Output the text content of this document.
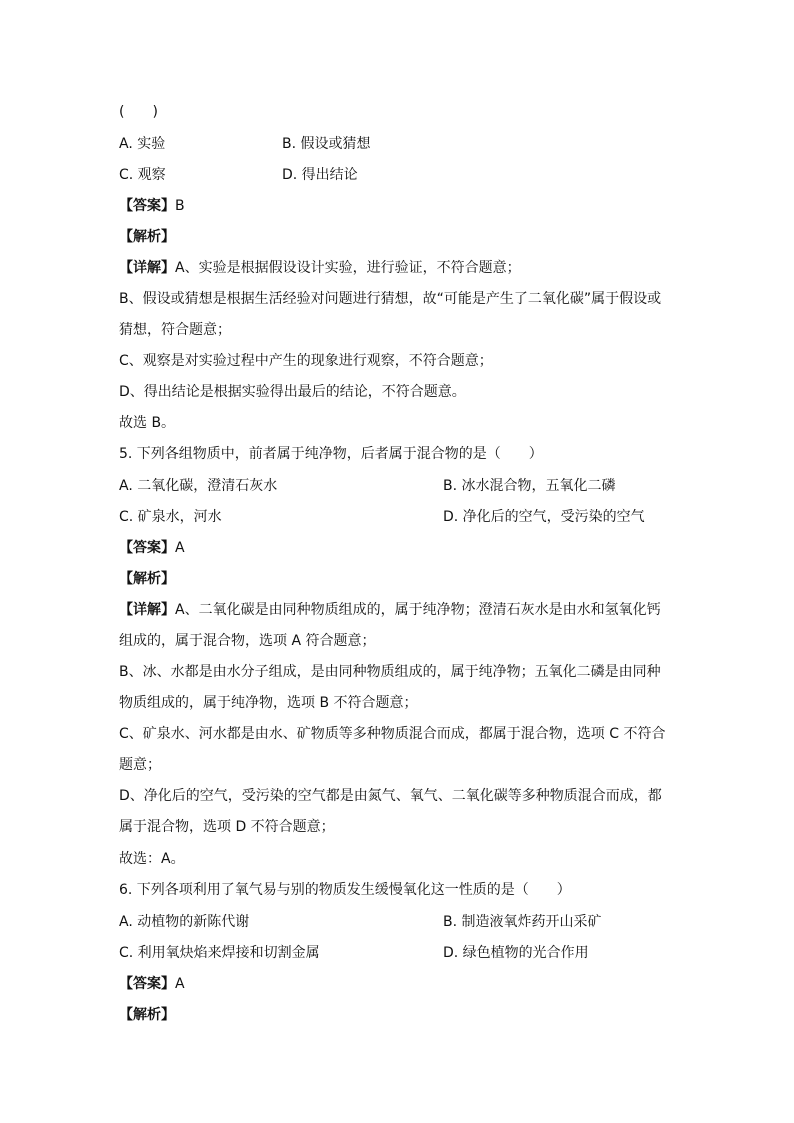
(　　)
A. 实验	B. 假设或猜想
C. 观察	D. 得出结论
【答案】B
【解析】
【详解】A、实验是根据假设设计实验，进行验证，不符合题意；
B、假设或猜想是根据生活经验对问题进行猜想，故“可能是产生了二氧化碳”属于假设或
猜想，符合题意；
C、观察是对实验过程中产生的现象进行观察，不符合题意；
D、得出结论是根据实验得出最后的结论，不符合题意。
故选 B。
5. 下列各组物质中，前者属于纯净物，后者属于混合物的是（　　）
A. 二氧化碳，澄清石灰水	B. 冰水混合物，五氧化二磷
C. 矿泉水，河水	D. 净化后的空气，受污染的空气
【答案】A
【解析】
【详解】A、二氧化碳是由同种物质组成的，属于纯净物；澄清石灰水是由水和氢氧化钙
组成的，属于混合物，选项 A 符合题意；
B、冰、水都是由水分子组成，是由同种物质组成的，属于纯净物；五氧化二磷是由同种
物质组成的，属于纯净物，选项 B 不符合题意；
C、矿泉水、河水都是由水、矿物质等多种物质混合而成，都属于混合物，选项 C 不符合
题意；
D、净化后的空气，受污染的空气都是由氮气、氧气、二氧化碳等多种物质混合而成，都
属于混合物，选项 D 不符合题意；
故选：A。
6. 下列各项利用了氧气易与别的物质发生缓慢氧化这一性质的是（　　）
A. 动植物的新陈代谢	B. 制造液氧炸药开山采矿
C. 利用氧炔焰来焊接和切割金属	D. 绿色植物的光合作用
【答案】A
【解析】
